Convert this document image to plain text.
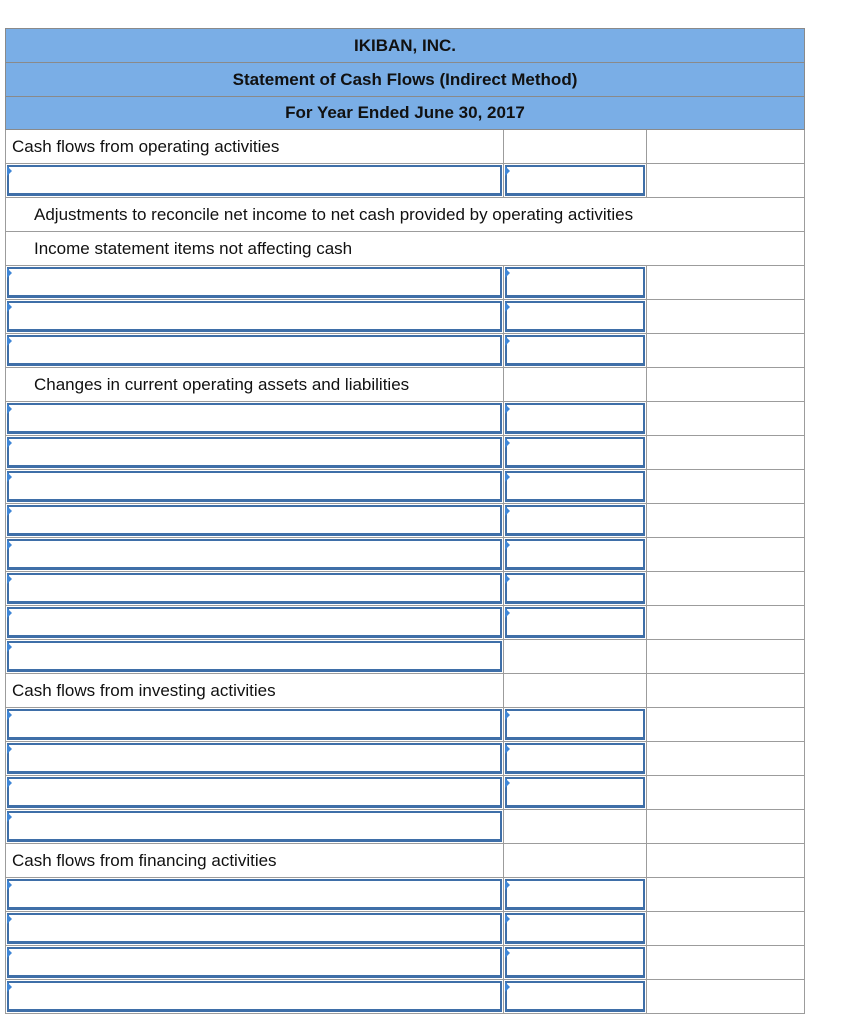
IKIBAN, INC.
Statement of Cash Flows (Indirect Method)
For Year Ended June 30, 2017
Cash flows from operating activities
Adjustments to reconcile net income to net cash provided by operating activities
Income statement items not affecting cash
Changes in current operating assets and liabilities
Cash flows from investing activities
Cash flows from financing activities
